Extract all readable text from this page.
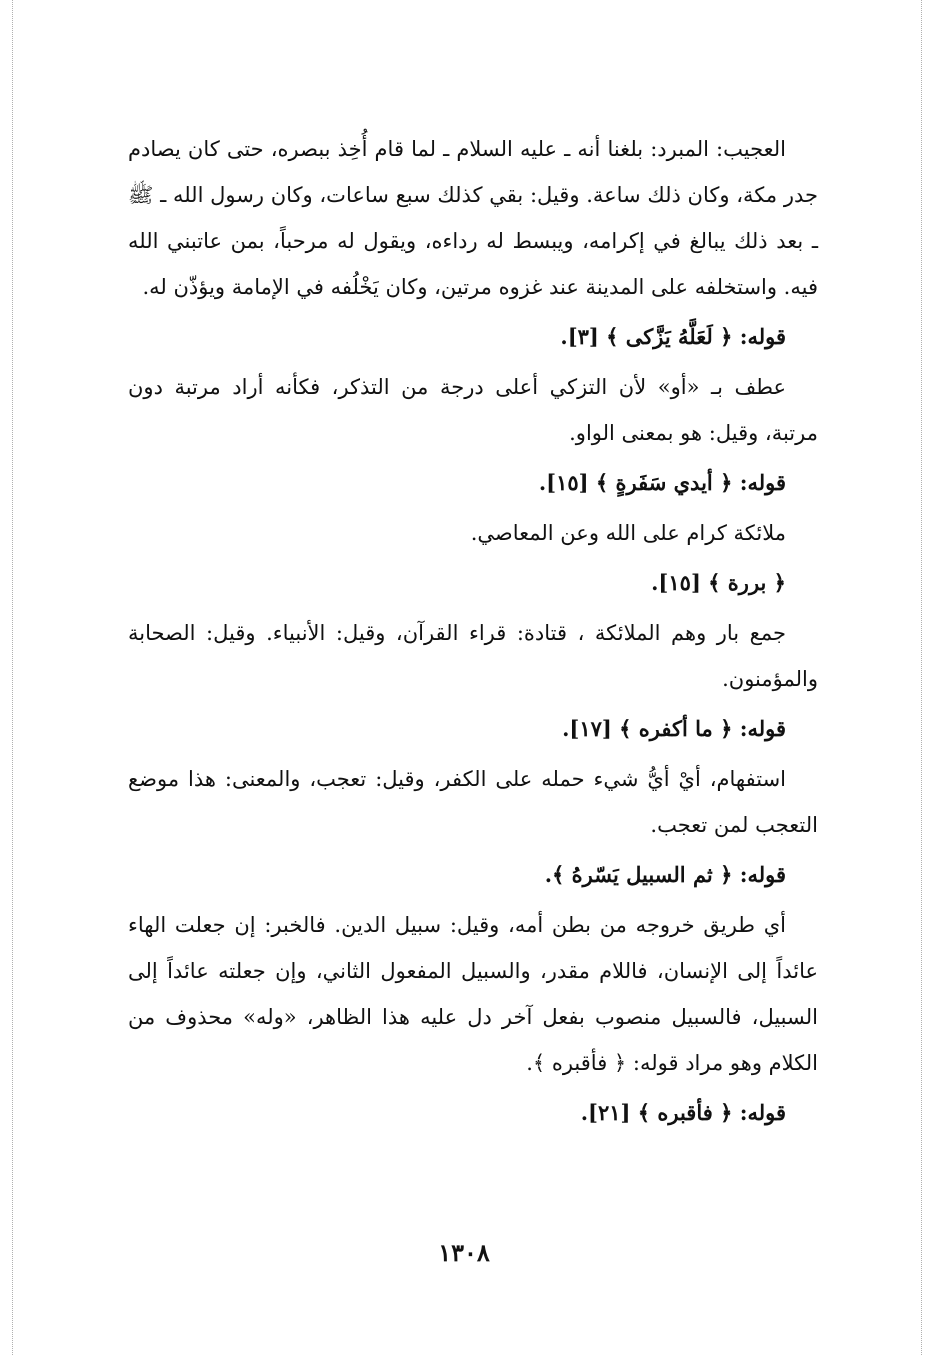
العجيب: المبرد: بلغنا أنه ـ عليه السلام ـ لما قام أُخِذ ببصره، حتى كان يصادم جدر مكة، وكان ذلك ساعة. وقيل: بقي كذلك سبع ساعات، وكان رسول الله ـ ﷺ ـ بعد ذلك يبالغ في إكرامه، ويبسط له رداءه، ويقول له مرحباً، بمن عاتبني الله فيه. واستخلفه على المدينة عند غزوه مرتين، وكان يَخْلُفه في الإمامة ويؤذّن له.

قوله: ﴿ لَعَلَّهُ يَزَّكى ﴾ [٣].

عطف بـ «أو» لأن التزكي أعلى درجة من التذكر، فكأنه أراد مرتبة دون مرتبة، وقيل: هو بمعنى الواو.

قوله: ﴿ أيدي سَفَرةٍ ﴾ [١٥].

ملائكة كرام على الله وعن المعاصي.

﴿ بررة ﴾ [١٥].

جمع بار وهم الملائكة ، قتادة: قراء القرآن، وقيل: الأنبياء. وقيل: الصحابة والمؤمنون.

قوله: ﴿ ما أكفره ﴾ [١٧].

استفهام، أيْ أيُّ شيء حمله على الكفر، وقيل: تعجب، والمعنى: هذا موضع التعجب لمن تعجب.

قوله: ﴿ ثم السبيل يَسّرهُ ﴾.

أي طريق خروجه من بطن أمه، وقيل: سبيل الدين. فالخبر: إن جعلت الهاء عائداً إلى الإنسان، فاللام مقدر، والسبيل المفعول الثاني، وإن جعلته عائداً إلى السبيل، فالسبيل منصوب بفعل آخر دل عليه هذا الظاهر، «وله» محذوف من الكلام وهو مراد قوله: ﴿ فأقبره ﴾.

قوله: ﴿ فأقبره ﴾ [٢١].

١٣٠٨
